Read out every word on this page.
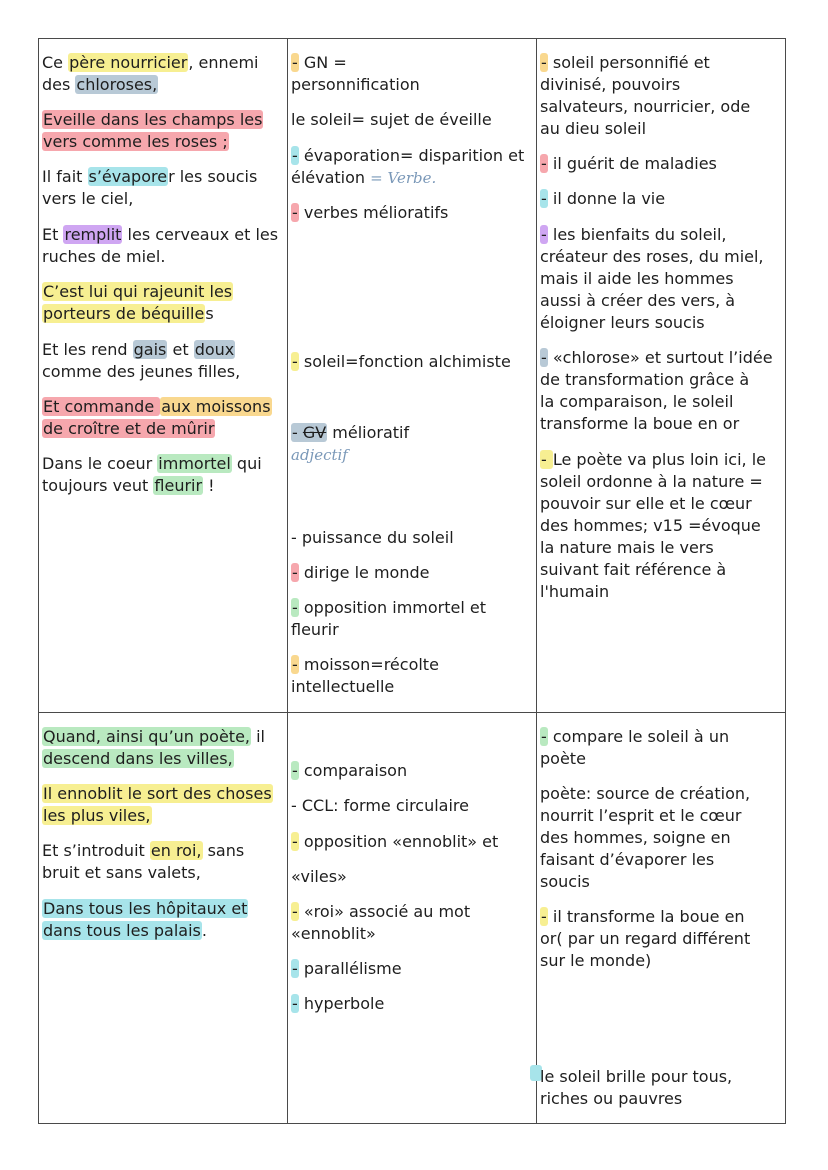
Ce père nourricier, ennemi

des chloroses,

Eveille dans les champs les

vers comme les roses ;

Il fait s’évaporer les soucis

vers le ciel,

Et remplit les cerveaux et les

ruches de miel.

C’est lui qui rajeunit les

porteurs de béquilles

Et les rend gais et doux

comme des jeunes filles,

Et commande aux moissons

de croître et de mûrir

Dans le coeur immortel qui

toujours veut fleurir !

- GN =

personnification

le soleil= sujet de éveille

- évaporation= disparition et

élévation = Verbe.

- verbes mélioratifs

- soleil=fonction alchimiste

- GV mélioratif

adjectif

- puissance du soleil

- dirige le monde

- opposition immortel et

fleurir

- moisson=récolte

intellectuelle

- soleil personnifié et

divinisé, pouvoirs

salvateurs, nourricier, ode

au dieu soleil

- il guérit de maladies

- il donne la vie

- les bienfaits du soleil,

créateur des roses, du miel,

mais il aide les hommes

aussi à créer des vers, à

éloigner leurs soucis

- «chlorose» et surtout l’idée

de transformation grâce à

la comparaison, le soleil

transforme la boue en or

- Le poète va plus loin ici, le

soleil ordonne à la nature =

pouvoir sur elle et le cœur

des hommes; v15 =évoque

la nature mais le vers

suivant fait référence à

l'humain

Quand, ainsi qu’un poète, il

descend dans les villes,

Il ennoblit le sort des choses

les plus viles,

Et s’introduit en roi, sans

bruit et sans valets,

Dans tous les hôpitaux et

dans tous les palais.

- comparaison

- CCL: forme circulaire

- opposition «ennoblit» et

«viles»

- «roi» associé au mot

«ennoblit»

- parallélisme

- hyperbole

- compare le soleil à un

poète

poète: source de création,

nourrit l’esprit et le cœur

des hommes, soigne en

faisant d’évaporer les

soucis

- il transforme la boue en

or( par un regard différent

sur le monde)

le soleil brille pour tous,

riches ou pauvres
